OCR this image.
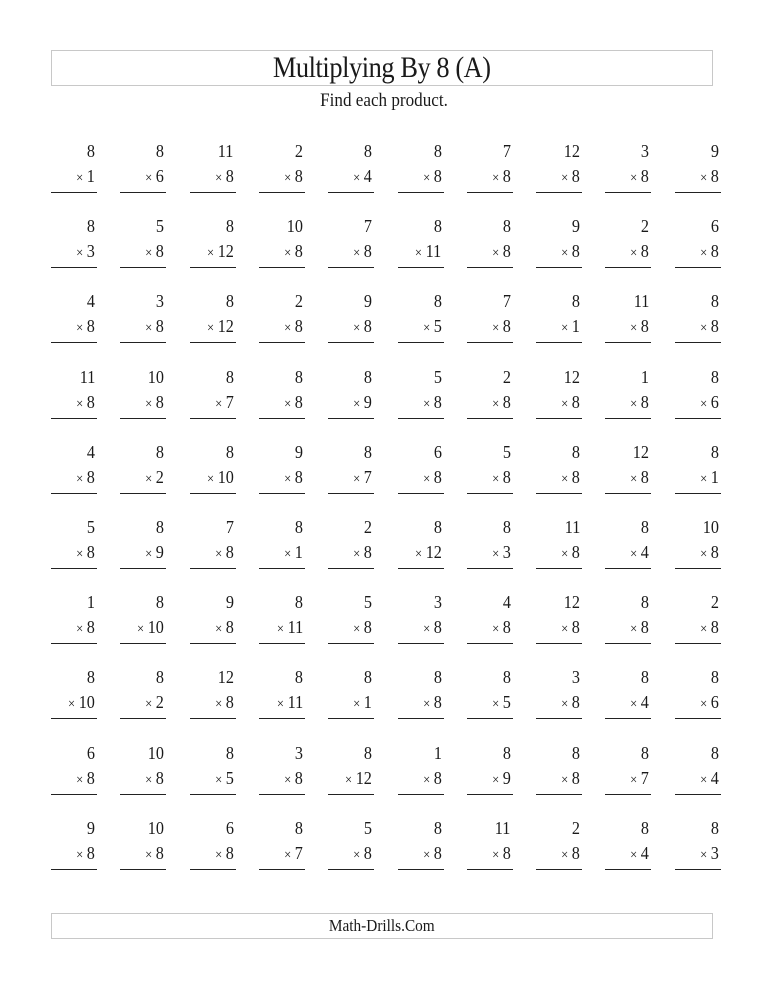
Multiplying By 8 (A)
Find each product.
8
× 1
8
× 6
11
× 8
2
× 8
8
× 4
8
× 8
7
× 8
12
× 8
3
× 8
9
× 8
8
× 3
5
× 8
8
× 12
10
× 8
7
× 8
8
× 11
8
× 8
9
× 8
2
× 8
6
× 8
4
× 8
3
× 8
8
× 12
2
× 8
9
× 8
8
× 5
7
× 8
8
× 1
11
× 8
8
× 8
11
× 8
10
× 8
8
× 7
8
× 8
8
× 9
5
× 8
2
× 8
12
× 8
1
× 8
8
× 6
4
× 8
8
× 2
8
× 10
9
× 8
8
× 7
6
× 8
5
× 8
8
× 8
12
× 8
8
× 1
5
× 8
8
× 9
7
× 8
8
× 1
2
× 8
8
× 12
8
× 3
11
× 8
8
× 4
10
× 8
1
× 8
8
× 10
9
× 8
8
× 11
5
× 8
3
× 8
4
× 8
12
× 8
8
× 8
2
× 8
8
× 10
8
× 2
12
× 8
8
× 11
8
× 1
8
× 8
8
× 5
3
× 8
8
× 4
8
× 6
6
× 8
10
× 8
8
× 5
3
× 8
8
× 12
1
× 8
8
× 9
8
× 8
8
× 7
8
× 4
9
× 8
10
× 8
6
× 8
8
× 7
5
× 8
8
× 8
11
× 8
2
× 8
8
× 4
8
× 3
Math-Drills.Com
